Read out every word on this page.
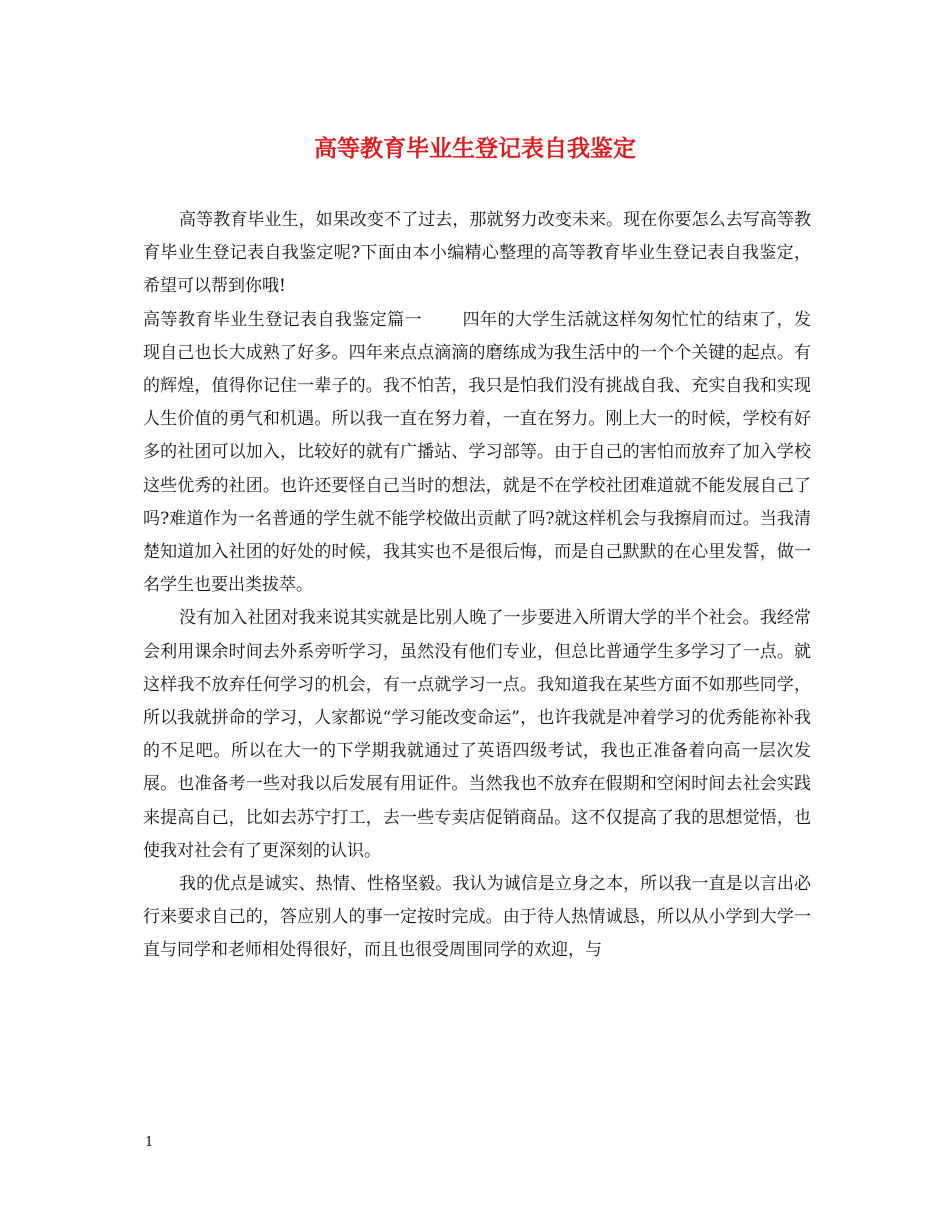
高等教育毕业生登记表自我鉴定

高等教育毕业生，如果改变不了过去，那就努力改变未来。现在你要怎么去写高等教育毕业生登记表自我鉴定呢?下面由本小编精心整理的高等教育毕业生登记表自我鉴定，希望可以帮到你哦!

高等教育毕业生登记表自我鉴定篇一 四年的大学生活就这样匆匆忙忙的结束了，发现自己也长大成熟了好多。四年来点点滴滴的磨练成为我生活中的一个个关键的起点。有的辉煌，值得你记住一辈子的。我不怕苦，我只是怕我们没有挑战自我、充实自我和实现人生价值的勇气和机遇。所以我一直在努力着，一直在努力。刚上大一的时候，学校有好多的社团可以加入，比较好的就有广播站、学习部等。由于自己的害怕而放弃了加入学校这些优秀的社团。也许还要怪自己当时的想法，就是不在学校社团难道就不能发展自己了吗?难道作为一名普通的学生就不能学校做出贡献了吗?就这样机会与我擦肩而过。当我清楚知道加入社团的好处的时候，我其实也不是很后悔，而是自己默默的在心里发誓，做一名学生也要出类拔萃。

没有加入社团对我来说其实就是比别人晚了一步要进入所谓大学的半个社会。我经常会利用课余时间去外系旁听学习，虽然没有他们专业，但总比普通学生多学习了一点。就这样我不放弃任何学习的机会，有一点就学习一点。我知道我在某些方面不如那些同学，所以我就拼命的学习，人家都说“学习能改变命运”，也许我就是冲着学习的优秀能祢补我的不足吧。所以在大一的下学期我就通过了英语四级考试，我也正准备着向高一层次发展。也准备考一些对我以后发展有用证件。当然我也不放弃在假期和空闲时间去社会实践来提高自己，比如去苏宁打工，去一些专卖店促销商品。这不仅提高了我的思想觉悟，也使我对社会有了更深刻的认识。

我的优点是诚实、热情、性格坚毅。我认为诚信是立身之本，所以我一直是以言出必行来要求自己的，答应别人的事一定按时完成。由于待人热情诚恳，所以从小学到大学一直与同学和老师相处得很好，而且也很受周围同学的欢迎，与

1
